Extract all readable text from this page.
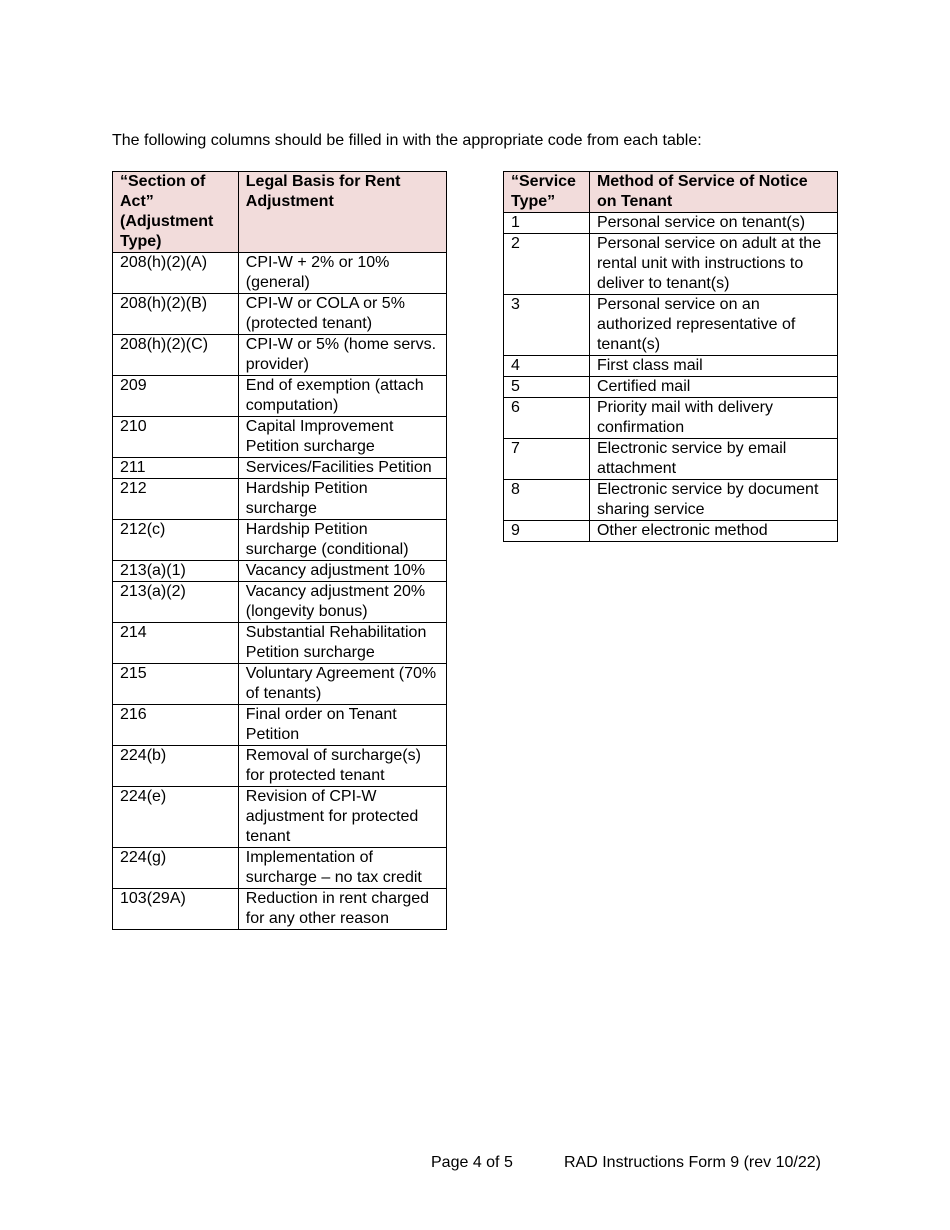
The following columns should be filled in with the appropriate code from each table:
“Section of Act” (Adjustment Type)	Legal Basis for Rent Adjustment
208(h)(2)(A)	CPI-W + 2% or 10% (general)
208(h)(2)(B)	CPI-W or COLA or 5% (protected tenant)
208(h)(2)(C)	CPI-W or 5% (home servs. provider)
209	End of exemption (attach computation)
210	Capital Improvement Petition surcharge
211	Services/Facilities Petition
212	Hardship Petition surcharge
212(c)	Hardship Petition surcharge (conditional)
213(a)(1)	Vacancy adjustment 10%
213(a)(2)	Vacancy adjustment 20% (longevity bonus)
214	Substantial Rehabilitation Petition surcharge
215	Voluntary Agreement (70% of tenants)
216	Final order on Tenant Petition
224(b)	Removal of surcharge(s) for protected tenant
224(e)	Revision of CPI-W adjustment for protected tenant
224(g)	Implementation of surcharge – no tax credit
103(29A)	Reduction in rent charged for any other reason
“Service Type”	Method of Service of Notice on Tenant
1	Personal service on tenant(s)
2	Personal service on adult at the rental unit with instructions to deliver to tenant(s)
3	Personal service on an authorized representative of tenant(s)
4	First class mail
5	Certified mail
6	Priority mail with delivery confirmation
7	Electronic service by email attachment
8	Electronic service by document sharing service
9	Other electronic method
Page 4 of 5	RAD Instructions Form 9 (rev 10/22)
